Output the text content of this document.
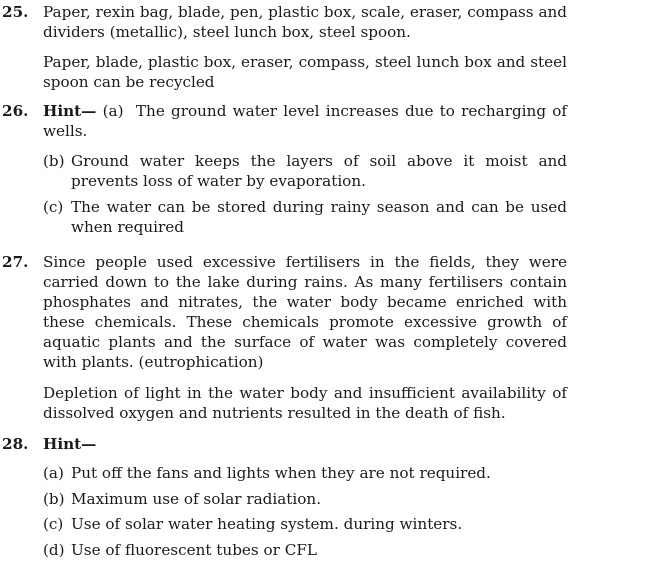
25. Paper, rexin bag, blade, pen, plastic box, scale, eraser, compass and dividers (metallic), steel lunch box, steel spoon.

Paper, blade, plastic box, eraser, compass, steel lunch box and steel spoon can be recycled

26. Hint— (a) The ground water level increases due to recharging of wells.

(b) Ground water keeps the layers of soil above it moist and prevents loss of water by evaporation.

(c) The water can be stored during rainy season and can be used when required

27. Since people used excessive fertilisers in the fields, they were carried down to the lake during rains. As many fertilisers contain phosphates and nitrates, the water body became enriched with these chemicals. These chemicals promote excessive growth of aquatic plants and the surface of water was completely covered with plants. (eutrophication)

Depletion of light in the water body and insufficient availability of dissolved oxygen and nutrients resulted in the death of fish.

28. Hint—

(a) Put off the fans and lights when they are not required.

(b) Maximum use of solar radiation.

(c) Use of solar water heating system. during winters.

(d) Use of fluorescent tubes or CFL
